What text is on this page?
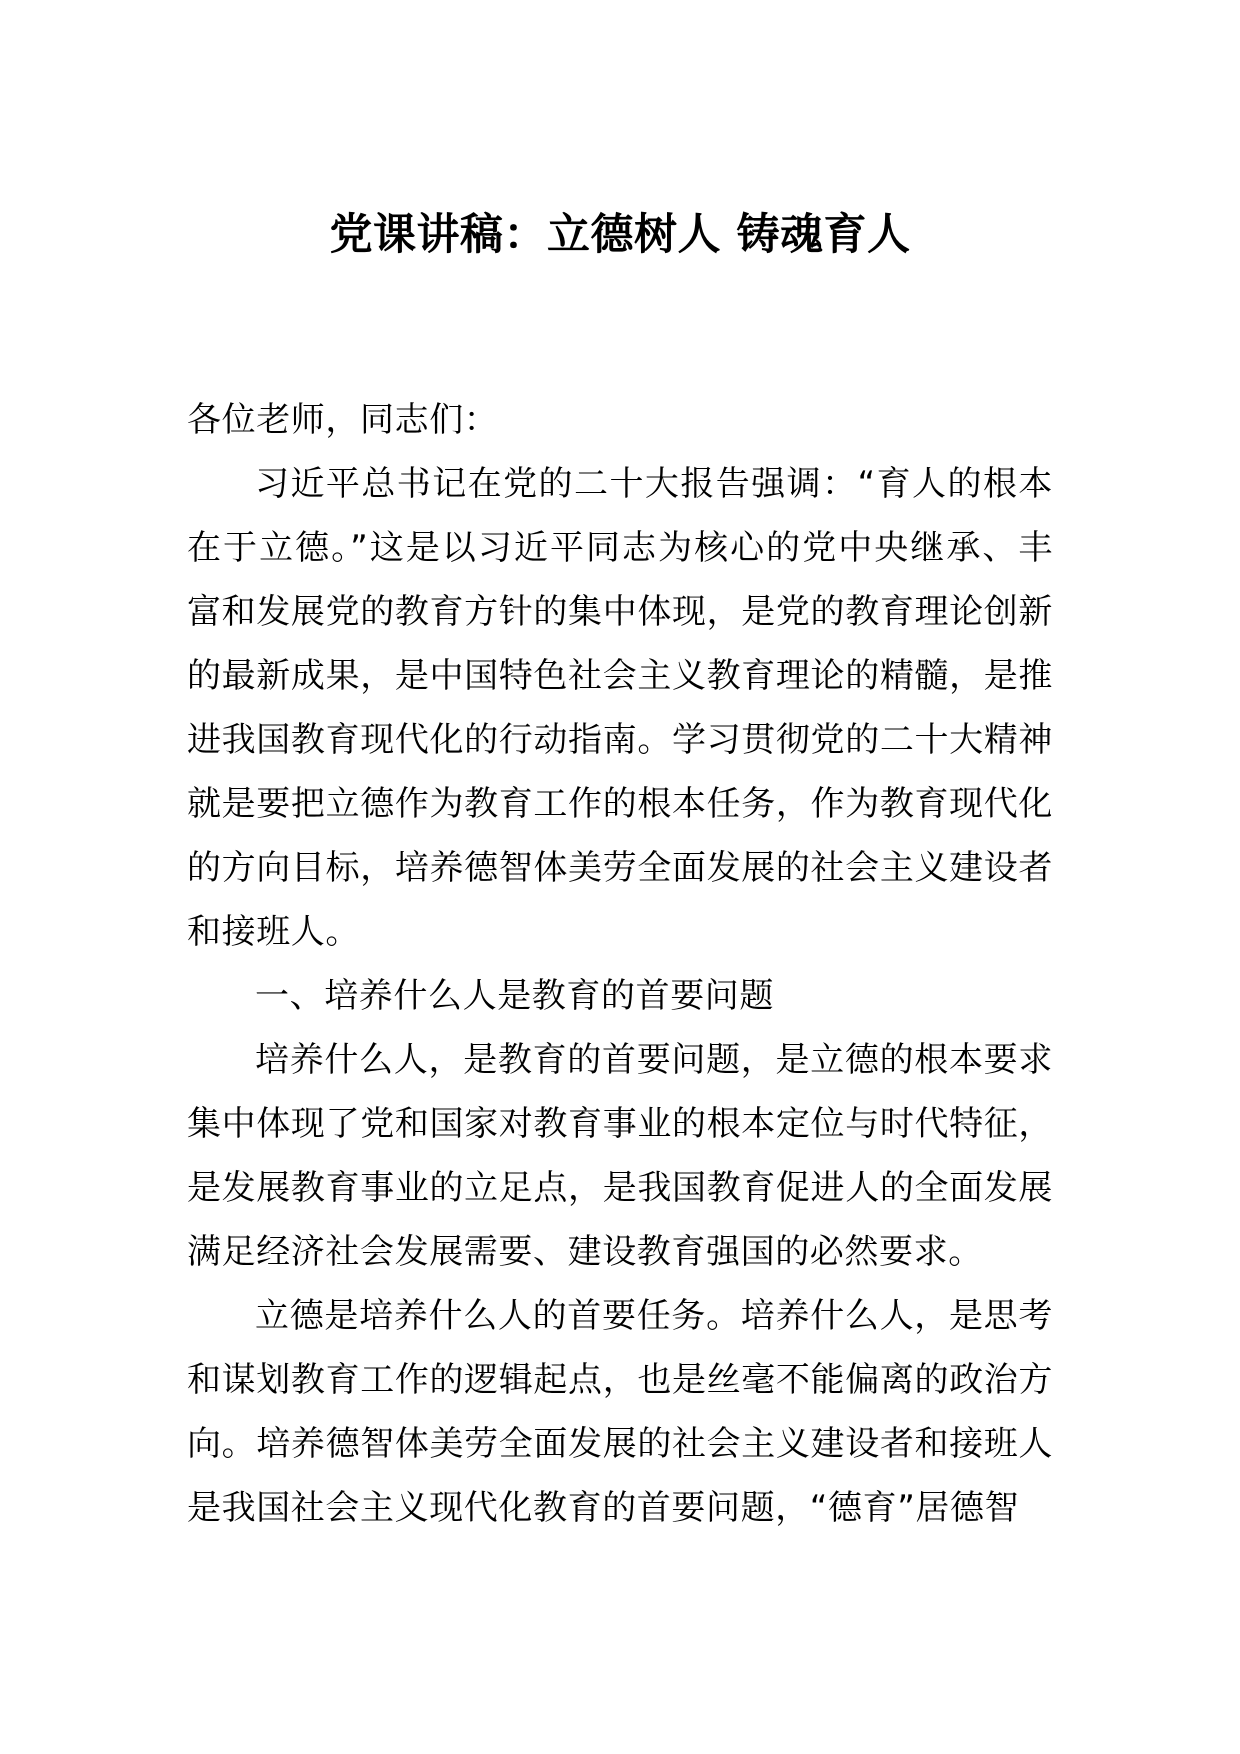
党课讲稿：立德树人 铸魂育人

各位老师，同志们：

习近平总书记在党的二十大报告强调：“育人的根本在于立德。”这是以习近平同志为核心的党中央继承、丰富和发展党的教育方针的集中体现，是党的教育理论创新的最新成果，是中国特色社会主义教育理论的精髓，是推进我国教育现代化的行动指南。学习贯彻党的二十大精神就是要把立德作为教育工作的根本任务，作为教育现代化的方向目标，培养德智体美劳全面发展的社会主义建设者和接班人。

一、培养什么人是教育的首要问题

培养什么人，是教育的首要问题，是立德的根本要求集中体现了党和国家对教育事业的根本定位与时代特征，是发展教育事业的立足点，是我国教育促进人的全面发展满足经济社会发展需要、建设教育强国的必然要求。

立德是培养什么人的首要任务。培养什么人，是思考和谋划教育工作的逻辑起点，也是丝毫不能偏离的政治方向。培养德智体美劳全面发展的社会主义建设者和接班人是我国社会主义现代化教育的首要问题，“德育”居德智
